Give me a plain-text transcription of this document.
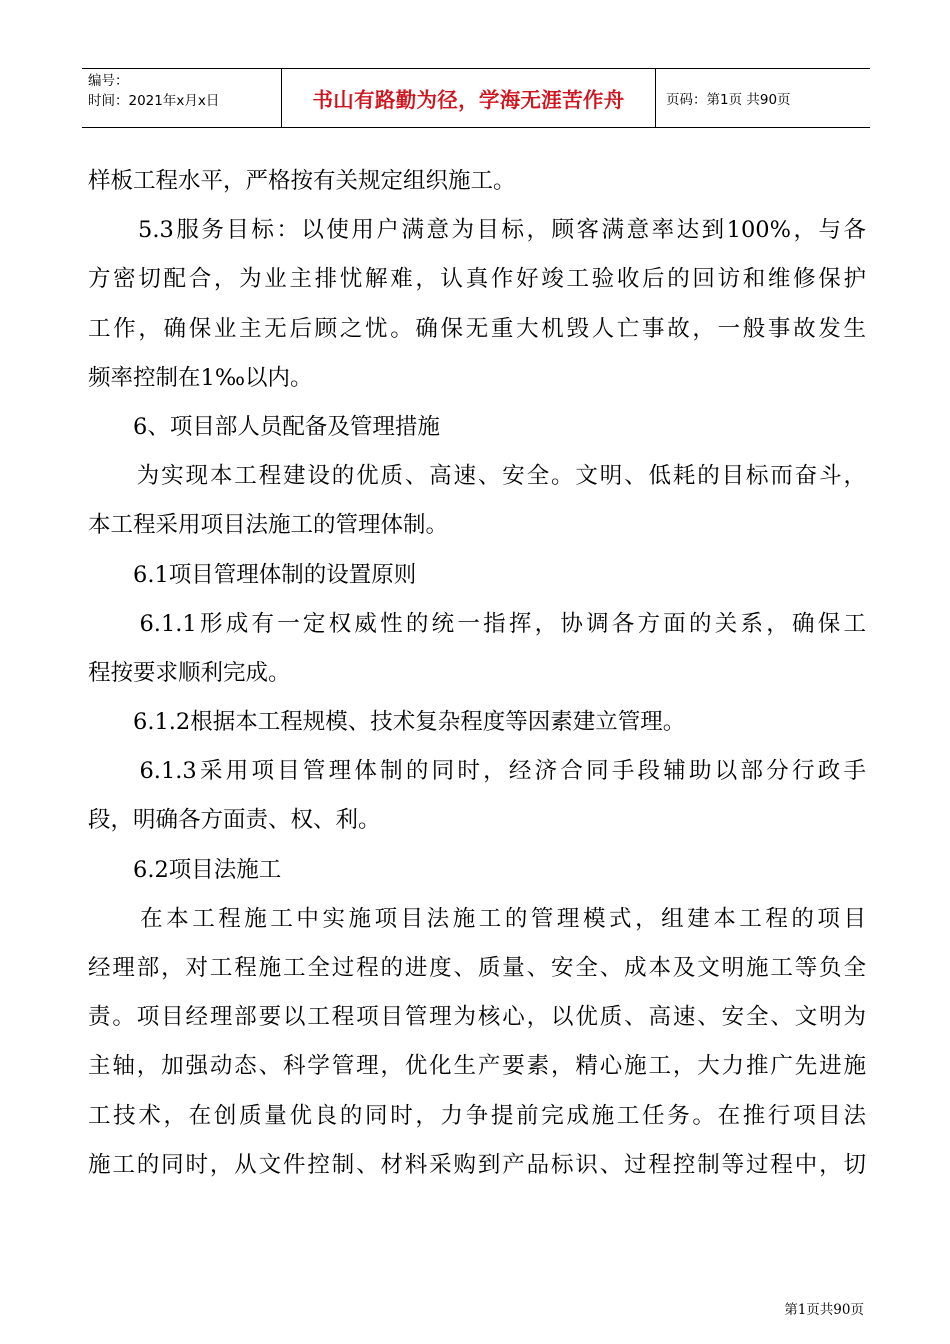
编号：
时间：2021年x月x日	书山有路勤为径，学海无涯苦作舟	页码：第1页 共90页
样板工程水平，严格按有关规定组织施工。
　　5.3服务目标：以使用户满意为目标，顾客满意率达到100%，与各
方密切配合，为业主排忧解难，认真作好竣工验收后的回访和维修保护
工作，确保业主无后顾之忧。确保无重大机毁人亡事故，一般事故发生
频率控制在1‰以内。
　　6、项目部人员配备及管理措施
　　为实现本工程建设的优质、高速、安全。文明、低耗的目标而奋斗，
本工程采用项目法施工的管理体制。
　　6.1项目管理体制的设置原则
　　6.1.1形成有一定权威性的统一指挥，协调各方面的关系，确保工
程按要求顺利完成。
　　6.1.2根据本工程规模、技术复杂程度等因素建立管理。
　　6.1.3采用项目管理体制的同时，经济合同手段辅助以部分行政手
段，明确各方面责、权、利。
　　6.2项目法施工
　　在本工程施工中实施项目法施工的管理模式，组建本工程的项目
经理部，对工程施工全过程的进度、质量、安全、成本及文明施工等负全
责。项目经理部要以工程项目管理为核心，以优质、高速、安全、文明为
主轴，加强动态、科学管理，优化生产要素，精心施工，大力推广先进施
工技术，在创质量优良的同时，力争提前完成施工任务。在推行项目法
施工的同时，从文件控制、材料采购到产品标识、过程控制等过程中，切
第1页共90页
